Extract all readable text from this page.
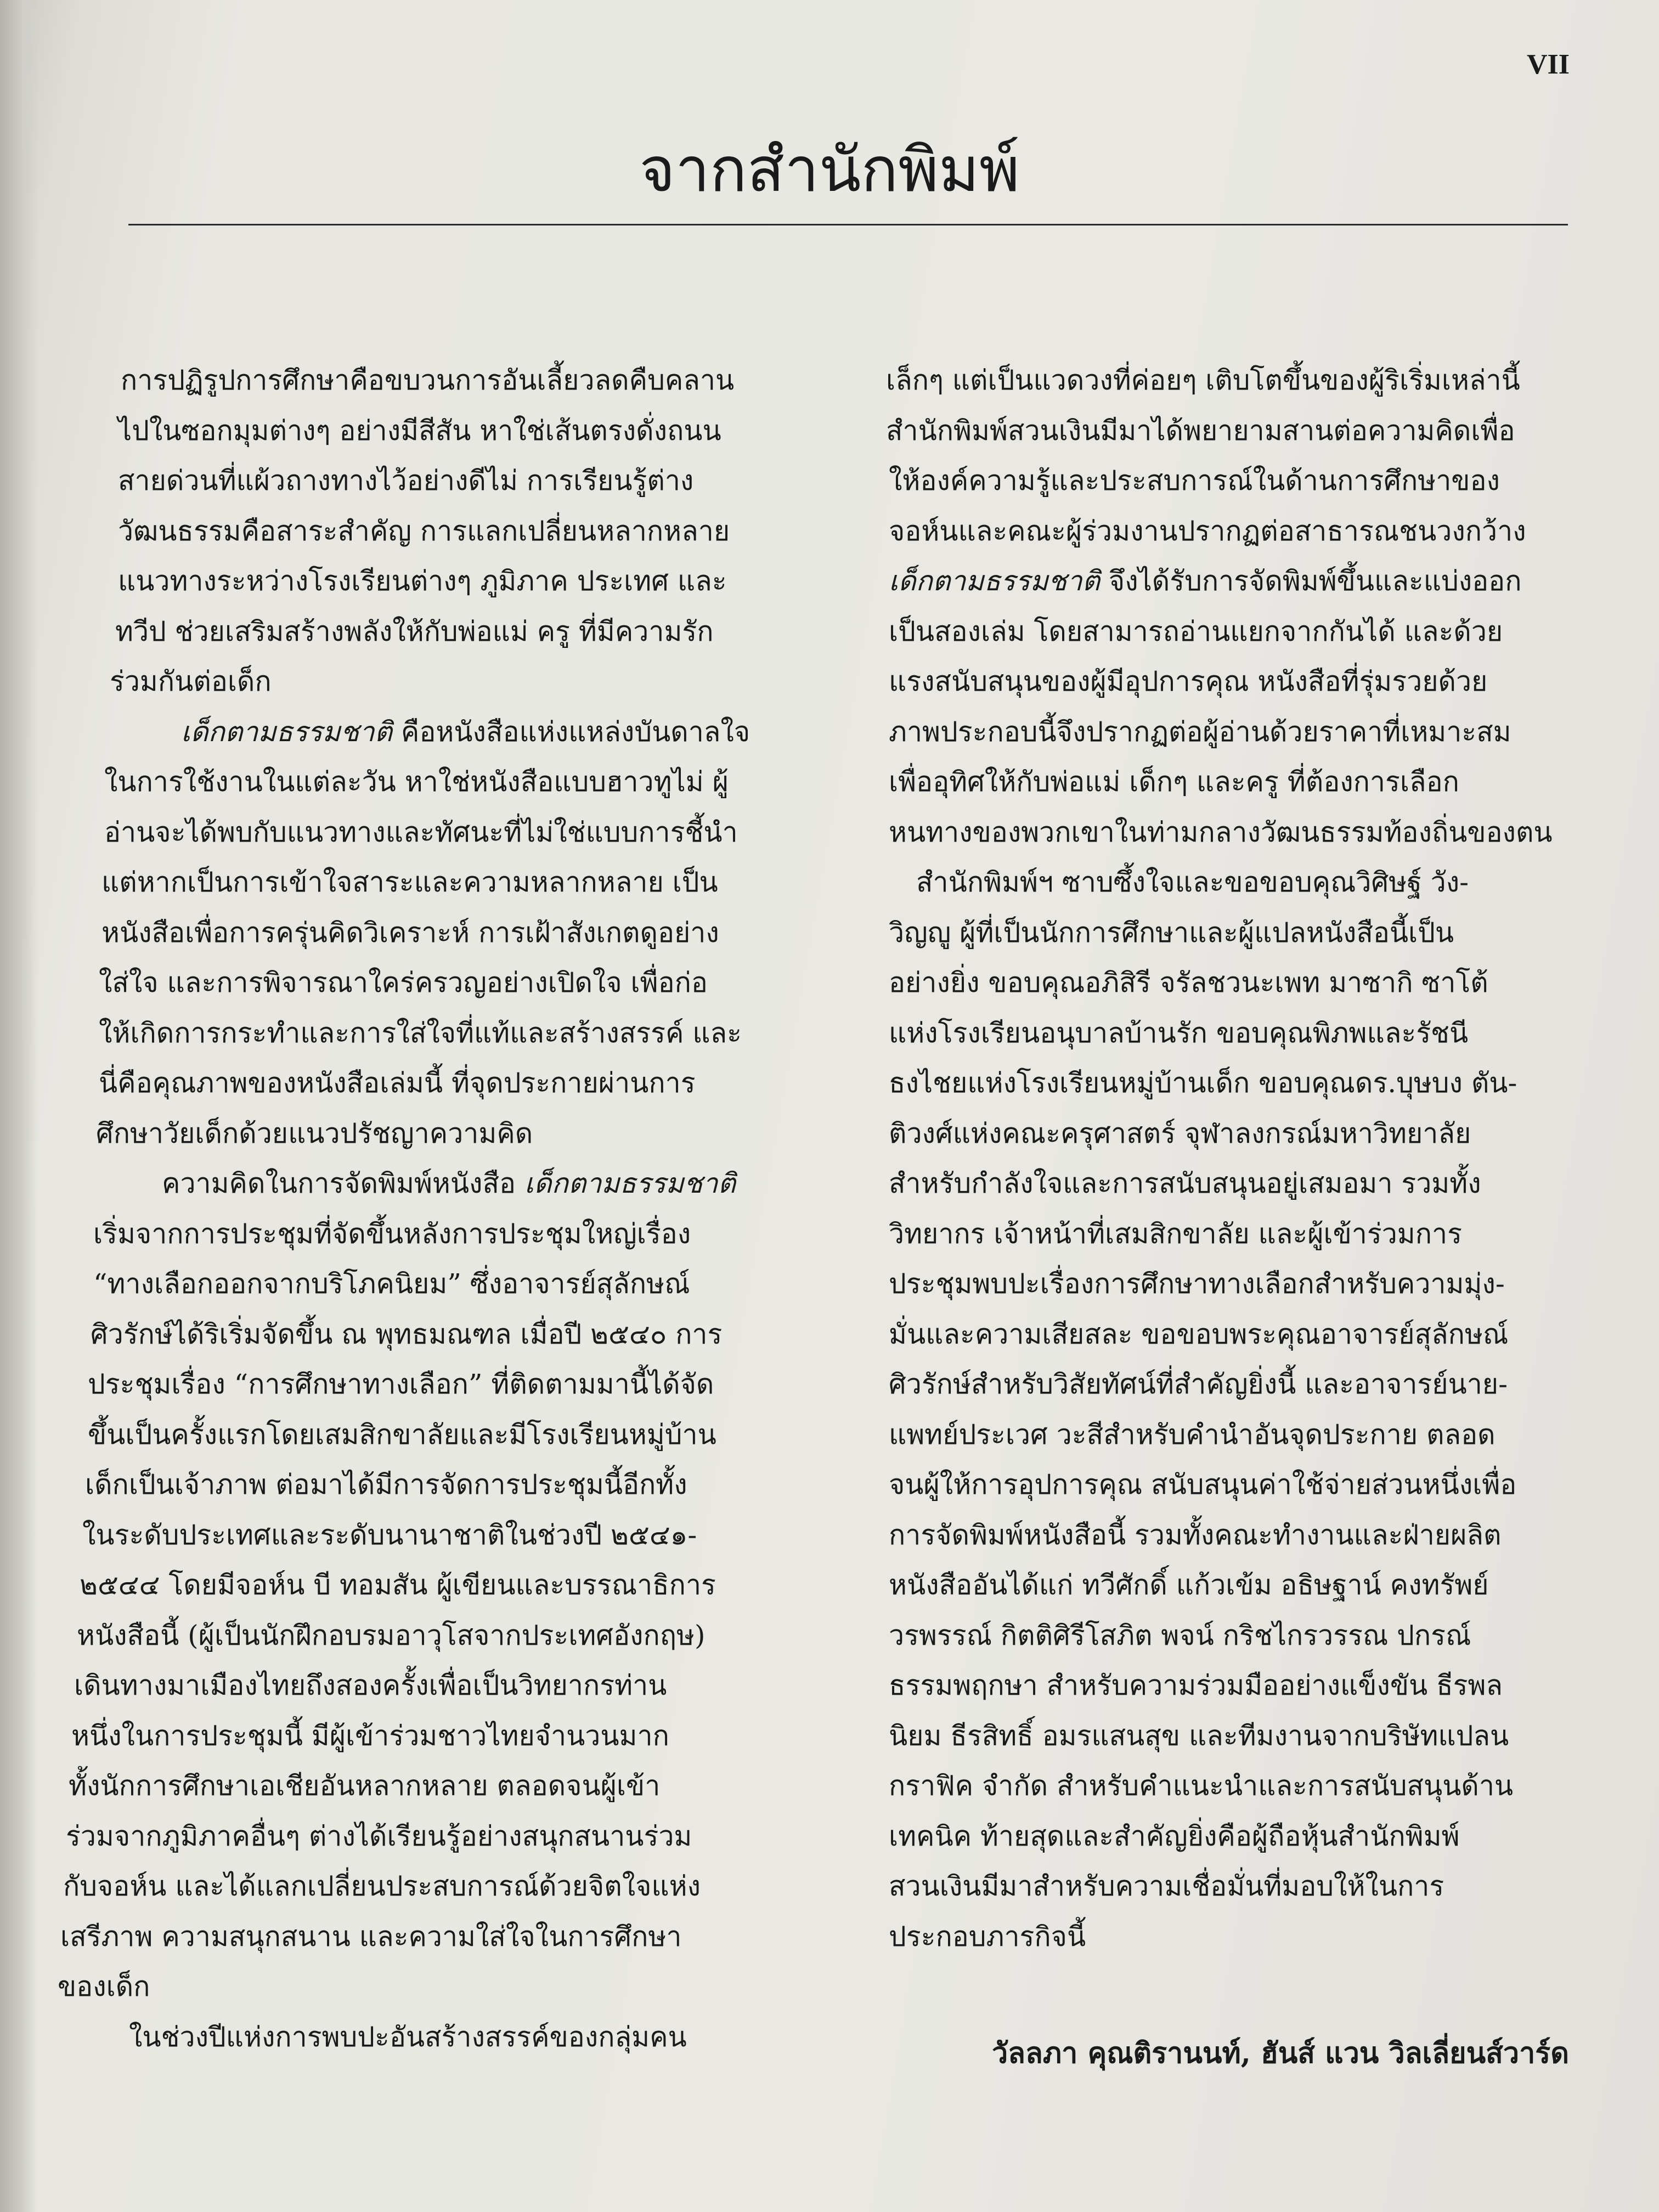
VII
จากสำนักพิมพ์
การปฏิรูปการศึกษาคือขบวนการอันเลี้ยวลดคืบคลาน
ไปในซอกมุมต่างๆ อย่างมีสีสัน หาใช่เส้นตรงดั่งถนน
สายด่วนที่แผ้วถางทางไว้อย่างดีไม่ การเรียนรู้ต่าง
วัฒนธรรมคือสาระสำคัญ การแลกเปลี่ยนหลากหลาย
แนวทางระหว่างโรงเรียนต่างๆ ภูมิภาค ประเทศ และ
ทวีป ช่วยเสริมสร้างพลังให้กับพ่อแม่ ครู ที่มีความรัก
ร่วมกันต่อเด็ก
เด็กตามธรรมชาติ คือหนังสือแห่งแหล่งบันดาลใจ
ในการใช้งานในแต่ละวัน หาใช่หนังสือแบบฮาวทูไม่ ผู้
อ่านจะได้พบกับแนวทางและทัศนะที่ไม่ใช่แบบการชี้นำ
แต่หากเป็นการเข้าใจสาระและความหลากหลาย เป็น
หนังสือเพื่อการครุ่นคิดวิเคราะห์ การเฝ้าสังเกตดูอย่าง
ใส่ใจ และการพิจารณาใคร่ครวญอย่างเปิดใจ เพื่อก่อ
ให้เกิดการกระทำและการใส่ใจที่แท้และสร้างสรรค์ และ
นี่คือคุณภาพของหนังสือเล่มนี้ ที่จุดประกายผ่านการ
ศึกษาวัยเด็กด้วยแนวปรัชญาความคิด
ความคิดในการจัดพิมพ์หนังสือ เด็กตามธรรมชาติ
เริ่มจากการประชุมที่จัดขึ้นหลังการประชุมใหญ่เรื่อง
“ทางเลือกออกจากบริโภคนิยม” ซึ่งอาจารย์สุลักษณ์
ศิวรักษ์ได้ริเริ่มจัดขึ้น ณ พุทธมณฑล เมื่อปี ๒๕๔๐ การ
ประชุมเรื่อง “การศึกษาทางเลือก” ที่ติดตามมานี้ได้จัด
ขึ้นเป็นครั้งแรกโดยเสมสิกขาลัยและมีโรงเรียนหมู่บ้าน
เด็กเป็นเจ้าภาพ ต่อมาได้มีการจัดการประชุมนี้อีกทั้ง
ในระดับประเทศและระดับนานาชาติในช่วงปี ๒๕๔๑-
๒๕๔๔ โดยมีจอห์น บี ทอมสัน ผู้เขียนและบรรณาธิการ
หนังสือนี้ (ผู้เป็นนักฝึกอบรมอาวุโสจากประเทศอังกฤษ)
เดินทางมาเมืองไทยถึงสองครั้งเพื่อเป็นวิทยากรท่าน
หนึ่งในการประชุมนี้ มีผู้เข้าร่วมชาวไทยจำนวนมาก
ทั้งนักการศึกษาเอเชียอันหลากหลาย ตลอดจนผู้เข้า
ร่วมจากภูมิภาคอื่นๆ ต่างได้เรียนรู้อย่างสนุกสนานร่วม
กับจอห์น และได้แลกเปลี่ยนประสบการณ์ด้วยจิตใจแห่ง
เสรีภาพ ความสนุกสนาน และความใส่ใจในการศึกษา
ของเด็ก
ในช่วงปีแห่งการพบปะอันสร้างสรรค์ของกลุ่มคน
เล็กๆ แต่เป็นแวดวงที่ค่อยๆ เติบโตขึ้นของผู้ริเริ่มเหล่านี้
สำนักพิมพ์สวนเงินมีมาได้พยายามสานต่อความคิดเพื่อ
ให้องค์ความรู้และประสบการณ์ในด้านการศึกษาของ
จอห์นและคณะผู้ร่วมงานปรากฏต่อสาธารณชนวงกว้าง
เด็กตามธรรมชาติ จึงได้รับการจัดพิมพ์ขึ้นและแบ่งออก
เป็นสองเล่ม โดยสามารถอ่านแยกจากกันได้ และด้วย
แรงสนับสนุนของผู้มีอุปการคุณ หนังสือที่รุ่มรวยด้วย
ภาพประกอบนี้จึงปรากฏต่อผู้อ่านด้วยราคาที่เหมาะสม
เพื่ออุทิศให้กับพ่อแม่ เด็กๆ และครู ที่ต้องการเลือก
หนทางของพวกเขาในท่ามกลางวัฒนธรรมท้องถิ่นของตน
สำนักพิมพ์ฯ ซาบซึ้งใจและขอขอบคุณวิศิษฐ์ วัง-
วิญญู ผู้ที่เป็นนักการศึกษาและผู้แปลหนังสือนี้เป็น
อย่างยิ่ง ขอบคุณอภิสิรี จรัลชวนะเพท มาซากิ ซาโต้
แห่งโรงเรียนอนุบาลบ้านรัก ขอบคุณพิภพและรัชนี
ธงไชยแห่งโรงเรียนหมู่บ้านเด็ก ขอบคุณดร.บุษบง ตัน-
ติวงศ์แห่งคณะครุศาสตร์ จุฬาลงกรณ์มหาวิทยาลัย
สำหรับกำลังใจและการสนับสนุนอยู่เสมอมา รวมทั้ง
วิทยากร เจ้าหน้าที่เสมสิกขาลัย และผู้เข้าร่วมการ
ประชุมพบปะเรื่องการศึกษาทางเลือกสำหรับความมุ่ง-
มั่นและความเสียสละ ขอขอบพระคุณอาจารย์สุลักษณ์
ศิวรักษ์สำหรับวิสัยทัศน์ที่สำคัญยิ่งนี้ และอาจารย์นาย-
แพทย์ประเวศ วะสีสำหรับคำนำอันจุดประกาย ตลอด
จนผู้ให้การอุปการคุณ สนับสนุนค่าใช้จ่ายส่วนหนึ่งเพื่อ
การจัดพิมพ์หนังสือนี้ รวมทั้งคณะทำงานและฝ่ายผลิต
หนังสืออันได้แก่ ทวีศักดิ์ แก้วเข้ม อธิษฐาน์ คงทรัพย์
วรพรรณ์ กิตติศิรีโสภิต พจน์ กริชไกรวรรณ ปกรณ์
ธรรมพฤกษา สำหรับความร่วมมืออย่างแข็งขัน ธีรพล
นิยม ธีรสิทธิ์ อมรแสนสุข และทีมงานจากบริษัทแปลน
กราฟิค จำกัด สำหรับคำแนะนำและการสนับสนุนด้าน
เทคนิค ท้ายสุดและสำคัญยิ่งคือผู้ถือหุ้นสำนักพิมพ์
สวนเงินมีมาสำหรับความเชื่อมั่นที่มอบให้ในการ
ประกอบภารกิจนี้
วัลลภา คุณติรานนท์, ฮันส์ แวน วิลเลี่ยนส์วาร์ด
